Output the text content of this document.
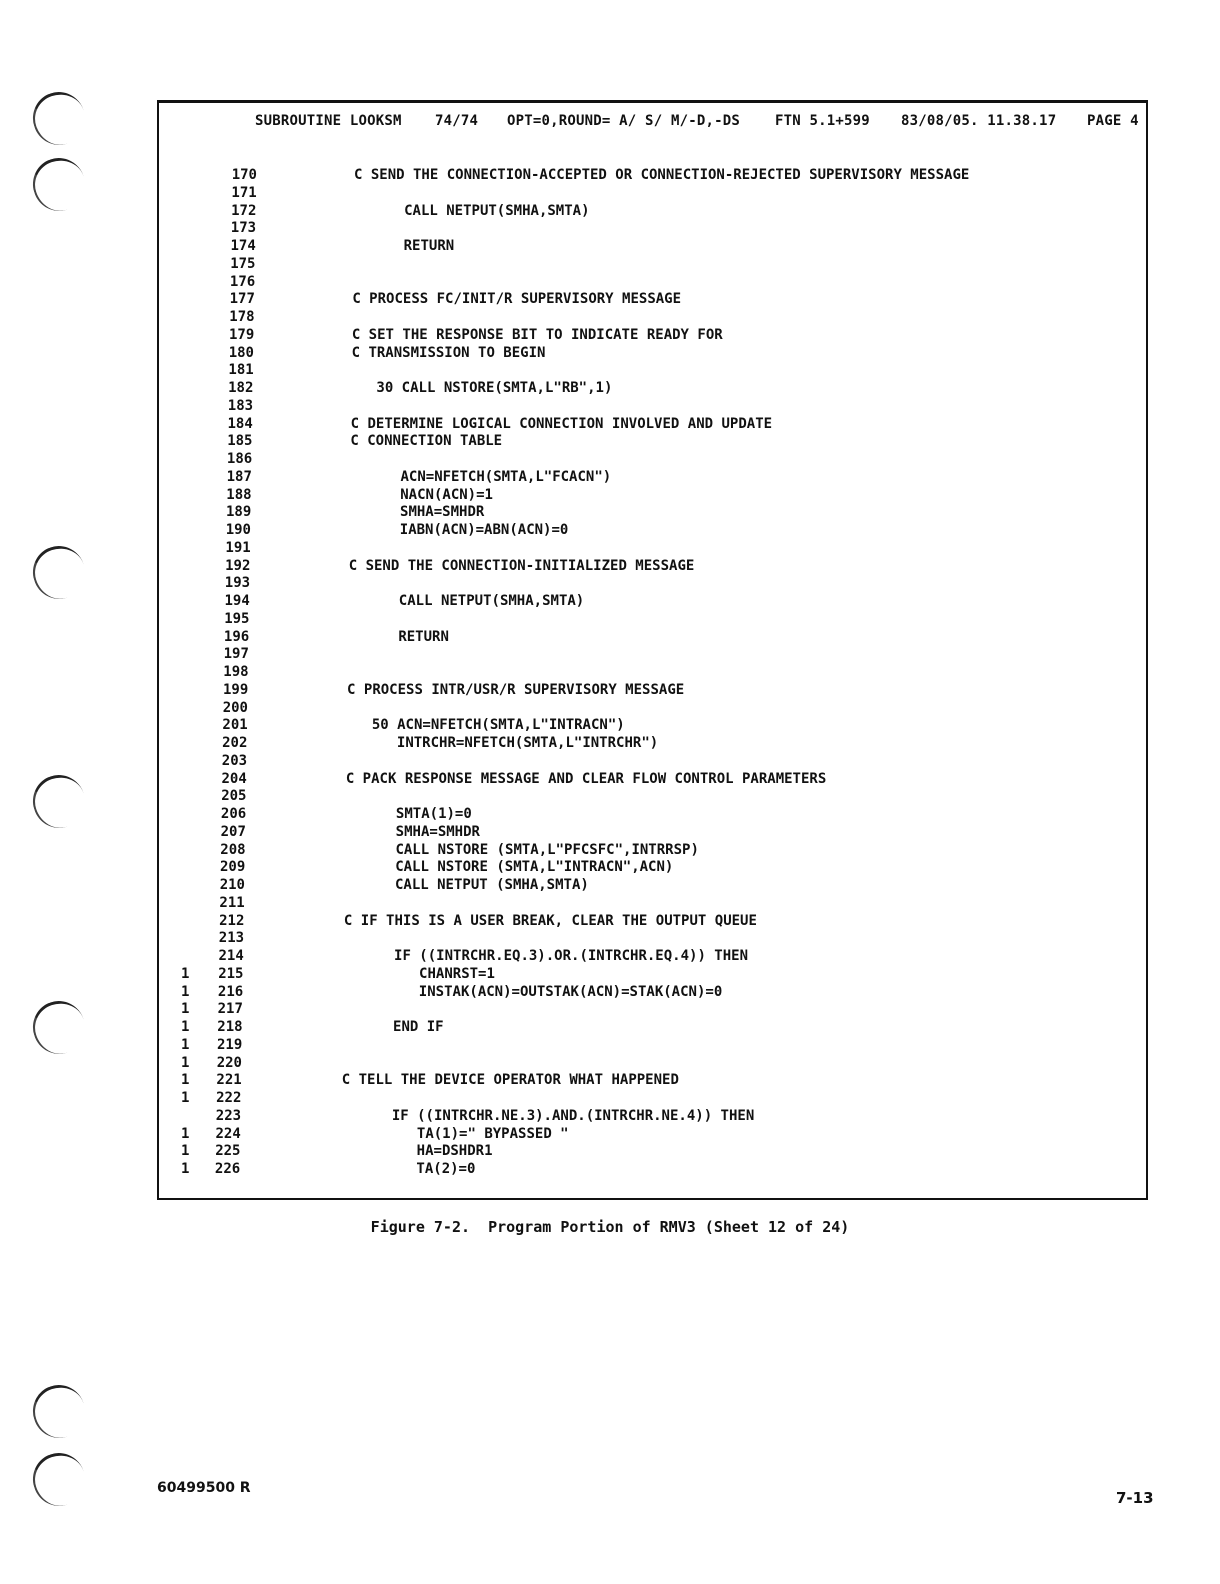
SUBROUTINE LOOKSM

74/74

OPT=0,ROUND= A/ S/ M/-D,-DS

	FTN 5.1+599

83/08/05. 11.38.17

PAGE 4

170	C SEND THE CONNECTION-ACCEPTED OR CONNECTION-REJECTED SUPERVISORY MESSAGE
171
172	CALL NETPUT(SMHA,SMTA)
173
174	RETURN
175
176
177	C PROCESS FC/INIT/R SUPERVISORY MESSAGE
178
179	C SET THE RESPONSE BIT TO INDICATE READY FOR
180	C TRANSMISSION TO BEGIN
181
182	30 CALL NSTORE(SMTA,L"RB",1)
183
184	C DETERMINE LOGICAL CONNECTION INVOLVED AND UPDATE
185	C CONNECTION TABLE
186
187	ACN=NFETCH(SMTA,L"FCACN")
188	NACN(ACN)=1
189	SMHA=SMHDR
190	IABN(ACN)=ABN(ACN)=0
191
192	C SEND THE CONNECTION-INITIALIZED MESSAGE
193
194	CALL NETPUT(SMHA,SMTA)
195
196	RETURN
197
198
199	C PROCESS INTR/USR/R SUPERVISORY MESSAGE
200
201	50 ACN=NFETCH(SMTA,L"INTRACN")
202	INTRCHR=NFETCH(SMTA,L"INTRCHR")
203
204	C PACK RESPONSE MESSAGE AND CLEAR FLOW CONTROL PARAMETERS
205
206	SMTA(1)=0
207	SMHA=SMHDR
208	CALL NSTORE (SMTA,L"PFCSFC",INTRRSP)
209	CALL NSTORE (SMTA,L"INTRACN",ACN)
210	CALL NETPUT (SMHA,SMTA)
211
212	C IF THIS IS A USER BREAK, CLEAR THE OUTPUT QUEUE
213
214	IF ((INTRCHR.EQ.3).OR.(INTRCHR.EQ.4)) THEN
1	215	CHANRST=1
1	216	INSTAK(ACN)=OUTSTAK(ACN)=STAK(ACN)=0
1	217
1	218	END IF
1	219
1	220
1	221	C TELL THE DEVICE OPERATOR WHAT HAPPENED
1	222
223	IF ((INTRCHR.NE.3).AND.(INTRCHR.NE.4)) THEN
1	224	TA(1)=" BYPASSED "
1	225	HA=DSHDR1
1	226	TA(2)=0
Figure 7-2.  Program Portion of RMV3 (Sheet 12 of 24)
60499500 R
7-13
